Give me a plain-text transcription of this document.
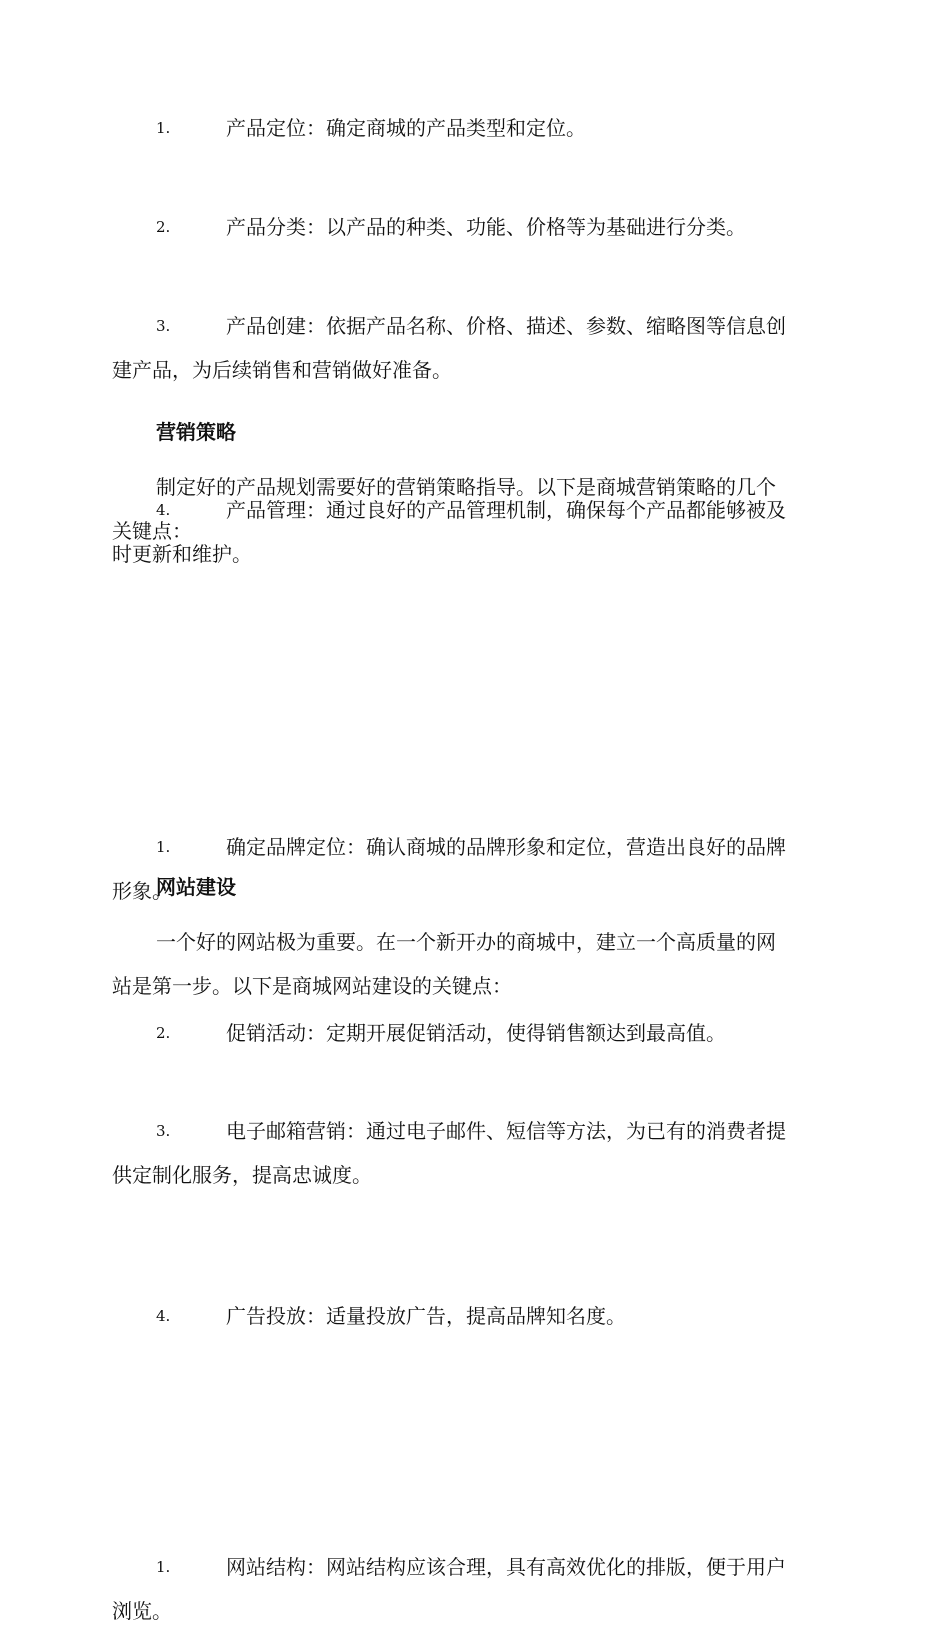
1.	产品定位：确定商城的产品类型和定位。
2.	产品分类：以产品的种类、功能、价格等为基础进行分类。
3.	产品创建：依据产品名称、价格、描述、参数、缩略图等信息创
建产品，为后续销售和营销做好准备。
4.	产品管理：通过良好的产品管理机制，确保每个产品都能够被及
时更新和维护。
营销策略
制定好的产品规划需要好的营销策略指导。以下是商城营销策略的几个
关键点：
1.	确定品牌定位：确认商城的品牌形象和定位，营造出良好的品牌
形象。
2.	促销活动：定期开展促销活动，使得销售额达到最高值。
3.	电子邮箱营销：通过电子邮件、短信等方法，为已有的消费者提
供定制化服务，提高忠诚度。
4.	广告投放：适量投放广告，提高品牌知名度。
网站建设
一个好的网站极为重要。在一个新开办的商城中，建立一个高质量的网
站是第一步。以下是商城网站建设的关键点：
1.	网站结构：网站结构应该合理，具有高效优化的排版，便于用户
浏览。
